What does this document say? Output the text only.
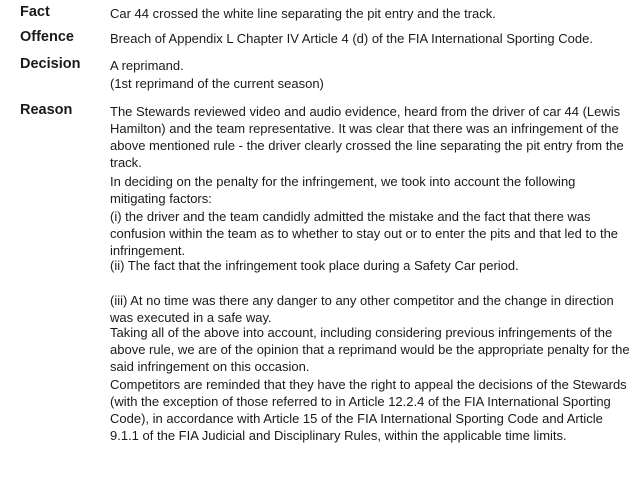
Fact	Car 44 crossed the white line separating the pit entry and the track.
Offence	Breach of Appendix L Chapter IV Article 4 (d) of the FIA International Sporting Code.
Decision A reprimand.
(1st reprimand of the current season)
Reason	The Stewards reviewed video and audio evidence, heard from the driver of car 44 (Lewis Hamilton) and the team representative. It was clear that there was an infringement of the above mentioned rule - the driver clearly crossed the line separating the pit entry from the track.

In deciding on the penalty for the infringement, we took into account the following mitigating factors:

(i) the driver and the team candidly admitted the mistake and the fact that there was confusion within the team as to whether to stay out or to enter the pits and that led to the infringement.

(ii) The fact that the infringement took place during a Safety Car period.

(iii) At no time was there any danger to any other competitor and the change in direction was executed in a safe way.

Taking all of the above into account, including considering previous infringements of the above rule, we are of the opinion that a reprimand would be the appropriate penalty for the said infringement on this occasion.

Competitors are reminded that they have the right to appeal the decisions of the Stewards (with the exception of those referred to in Article 12.2.4 of the FIA International Sporting Code), in accordance with Article 15 of the FIA International Sporting Code and Article 9.1.1 of the FIA Judicial and Disciplinary Rules, within the applicable time limits.
